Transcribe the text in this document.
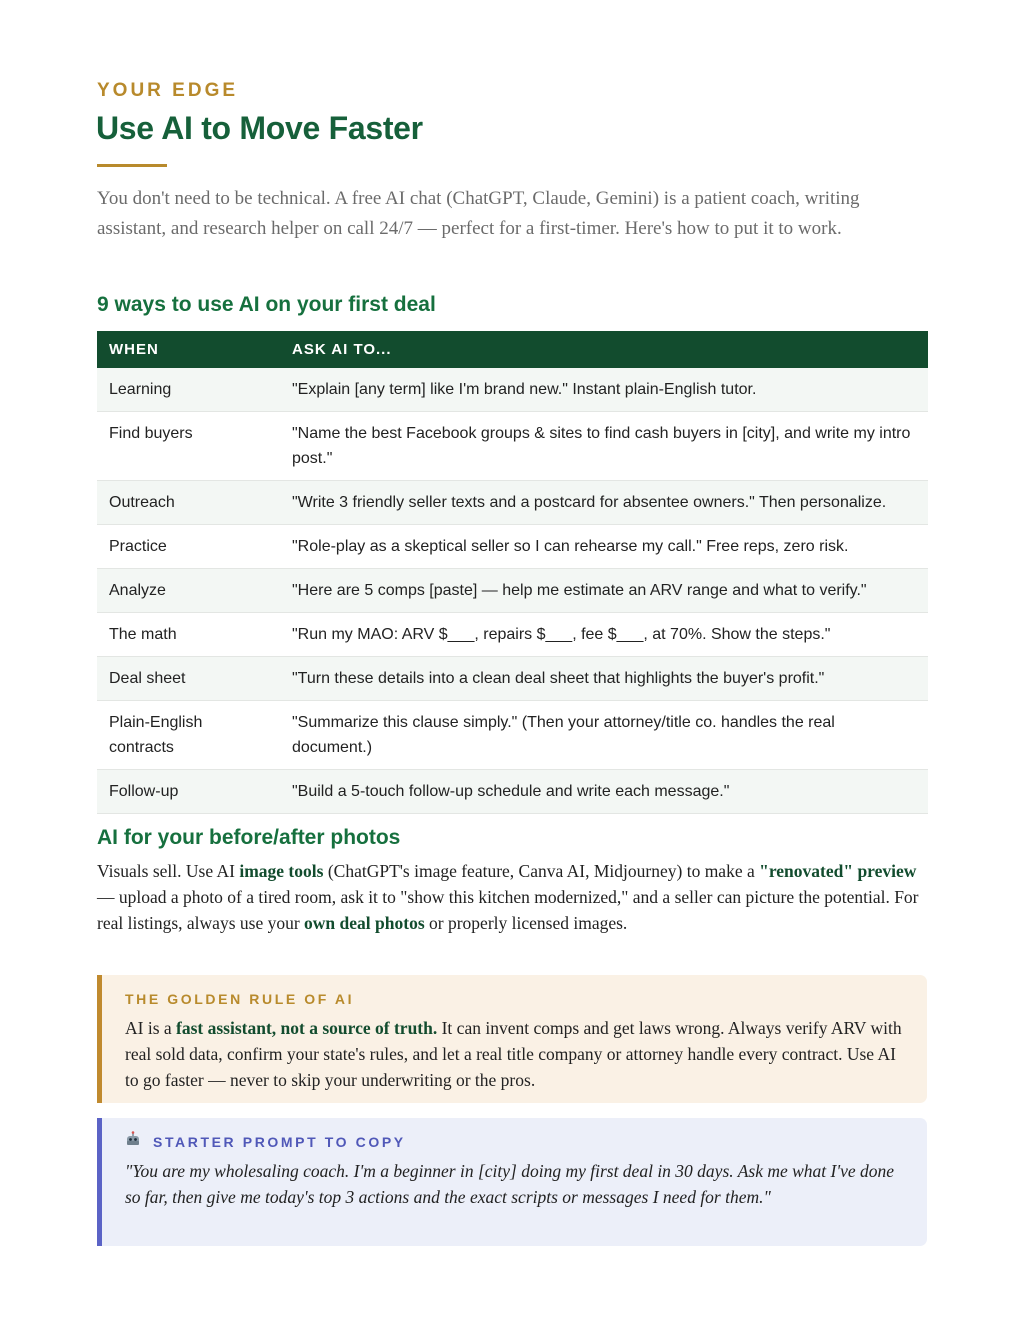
YOUR EDGE
Use AI to Move Faster

You don't need to be technical. A free AI chat (ChatGPT, Claude, Gemini) is a patient coach, writing assistant, and research helper on call 24/7 — perfect for a first-timer. Here's how to put it to work.

9 ways to use AI on your first deal
WHEN	ASK AI TO...
Learning	"Explain [any term] like I'm brand new." Instant plain-English tutor.
Find buyers	"Name the best Facebook groups & sites to find cash buyers in [city], and write my intro post."
Outreach	"Write 3 friendly seller texts and a postcard for absentee owners." Then personalize.
Practice	"Role-play as a skeptical seller so I can rehearse my call." Free reps, zero risk.
Analyze	"Here are 5 comps [paste] — help me estimate an ARV range and what to verify."
The math	"Run my MAO: ARV $___, repairs $___, fee $___, at 70%. Show the steps."
Deal sheet	"Turn these details into a clean deal sheet that highlights the buyer's profit."
Plain-English contracts	"Summarize this clause simply." (Then your attorney/title co. handles the real document.)
Follow-up	"Build a 5-touch follow-up schedule and write each message."
AI for your before/after photos

Visuals sell. Use AI image tools (ChatGPT's image feature, Canva AI, Midjourney) to make a "renovated" preview — upload a photo of a tired room, ask it to "show this kitchen modernized," and a seller can picture the potential. For real listings, always use your own deal photos or properly licensed images.

THE GOLDEN RULE OF AI

AI is a fast assistant, not a source of truth. It can invent comps and get laws wrong. Always verify ARV with real sold data, confirm your state's rules, and let a real title company or attorney handle every contract. Use AI to go faster — never to skip your underwriting or the pros.

STARTER PROMPT TO COPY

"You are my wholesaling coach. I'm a beginner in [city] doing my first deal in 30 days. Ask me what I've done so far, then give me today's top 3 actions and the exact scripts or messages I need for them."
